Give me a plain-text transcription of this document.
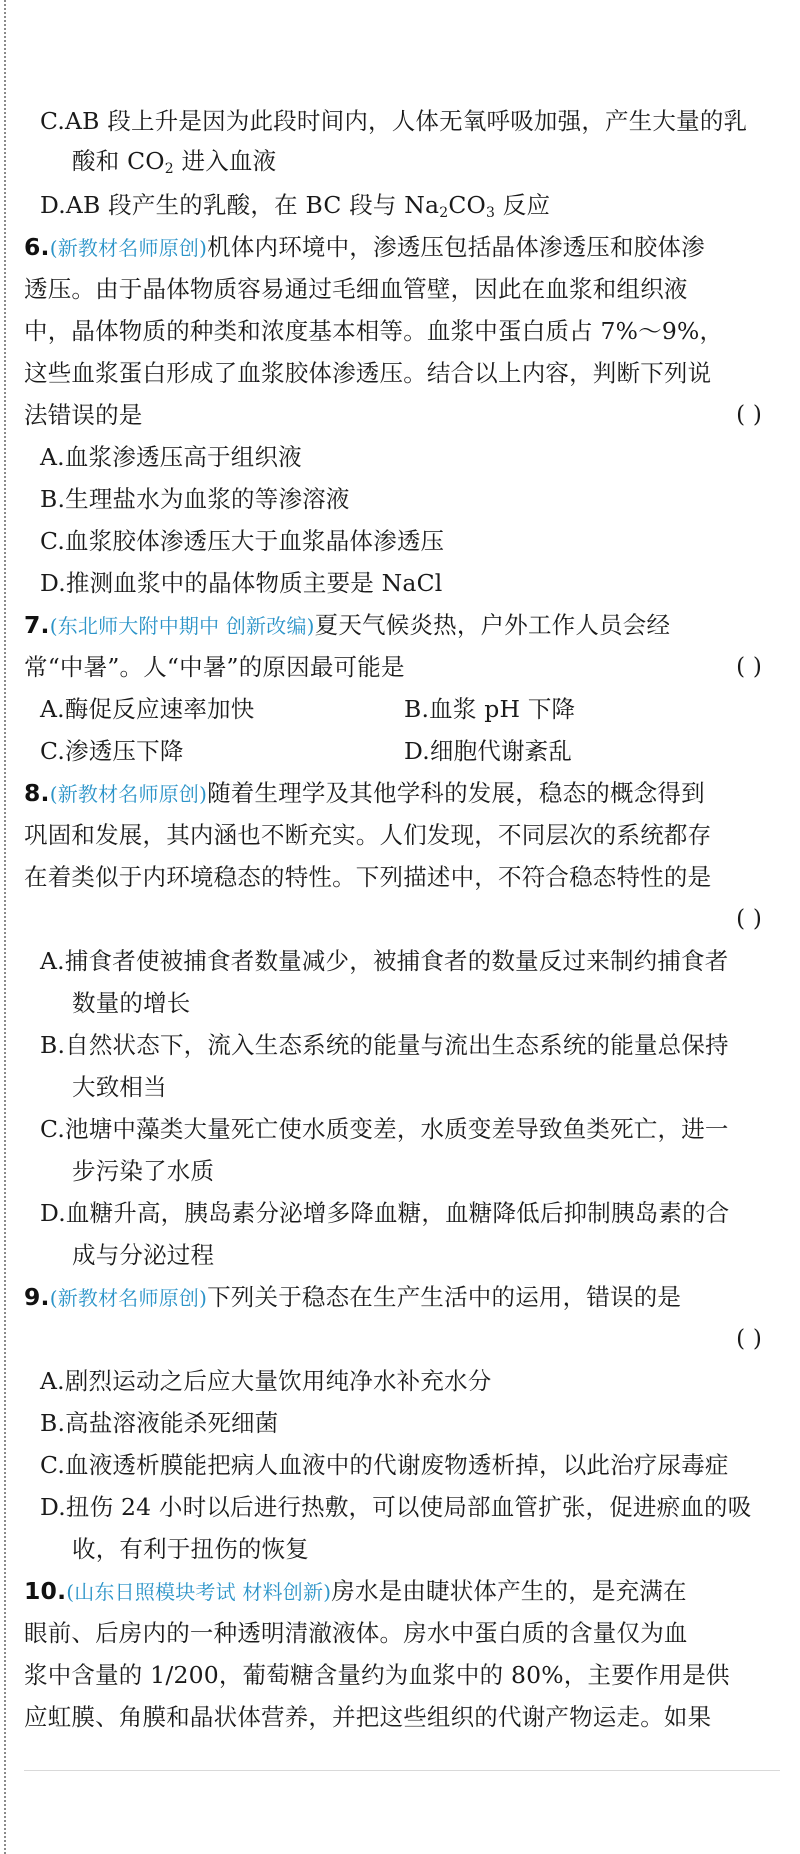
C.AB 段上升是因为此段时间内，人体无氧呼吸加强，产生大量的乳
酸和 $CO_2$ 进入血液
D.AB 段产生的乳酸，在 BC 段与 $Na_2CO_3$ 反应
6.(新教材名师原创)机体内环境中，渗透压包括晶体渗透压和胶体渗
透压。由于晶体物质容易通过毛细血管壁，因此在血浆和组织液
中，晶体物质的种类和浓度基本相等。血浆中蛋白质占 7%～9%，
这些血浆蛋白形成了血浆胶体渗透压。结合以上内容，判断下列说
法错误的是	( )
A.血浆渗透压高于组织液
B.生理盐水为血浆的等渗溶液
C.血浆胶体渗透压大于血浆晶体渗透压
D.推测血浆中的晶体物质主要是 NaCl
7.(东北师大附中期中 创新改编)夏天气候炎热，户外工作人员会经
常“中暑”。人“中暑”的原因最可能是	( )
A.酶促反应速率加快	B.血浆 pH 下降
C.渗透压下降	D.细胞代谢紊乱
8.(新教材名师原创)随着生理学及其他学科的发展，稳态的概念得到
巩固和发展，其内涵也不断充实。人们发现，不同层次的系统都存
在着类似于内环境稳态的特性。下列描述中，不符合稳态特性的是
( )
A.捕食者使被捕食者数量减少，被捕食者的数量反过来制约捕食者
数量的增长
B.自然状态下，流入生态系统的能量与流出生态系统的能量总保持
大致相当
C.池塘中藻类大量死亡使水质变差，水质变差导致鱼类死亡，进一
步污染了水质
D.血糖升高，胰岛素分泌增多降血糖，血糖降低后抑制胰岛素的合
成与分泌过程
9.(新教材名师原创)下列关于稳态在生产生活中的运用，错误的是
( )
A.剧烈运动之后应大量饮用纯净水补充水分
B.高盐溶液能杀死细菌
C.血液透析膜能把病人血液中的代谢废物透析掉，以此治疗尿毒症
D.扭伤 24 小时以后进行热敷，可以使局部血管扩张，促进瘀血的吸
收，有利于扭伤的恢复
10.(山东日照模块考试 材料创新)房水是由睫状体产生的，是充满在
眼前、后房内的一种透明清澈液体。房水中蛋白质的含量仅为血
浆中含量的 1/200，葡萄糖含量约为血浆中的 80%，主要作用是供
应虹膜、角膜和晶状体营养，并把这些组织的代谢产物运走。如果
